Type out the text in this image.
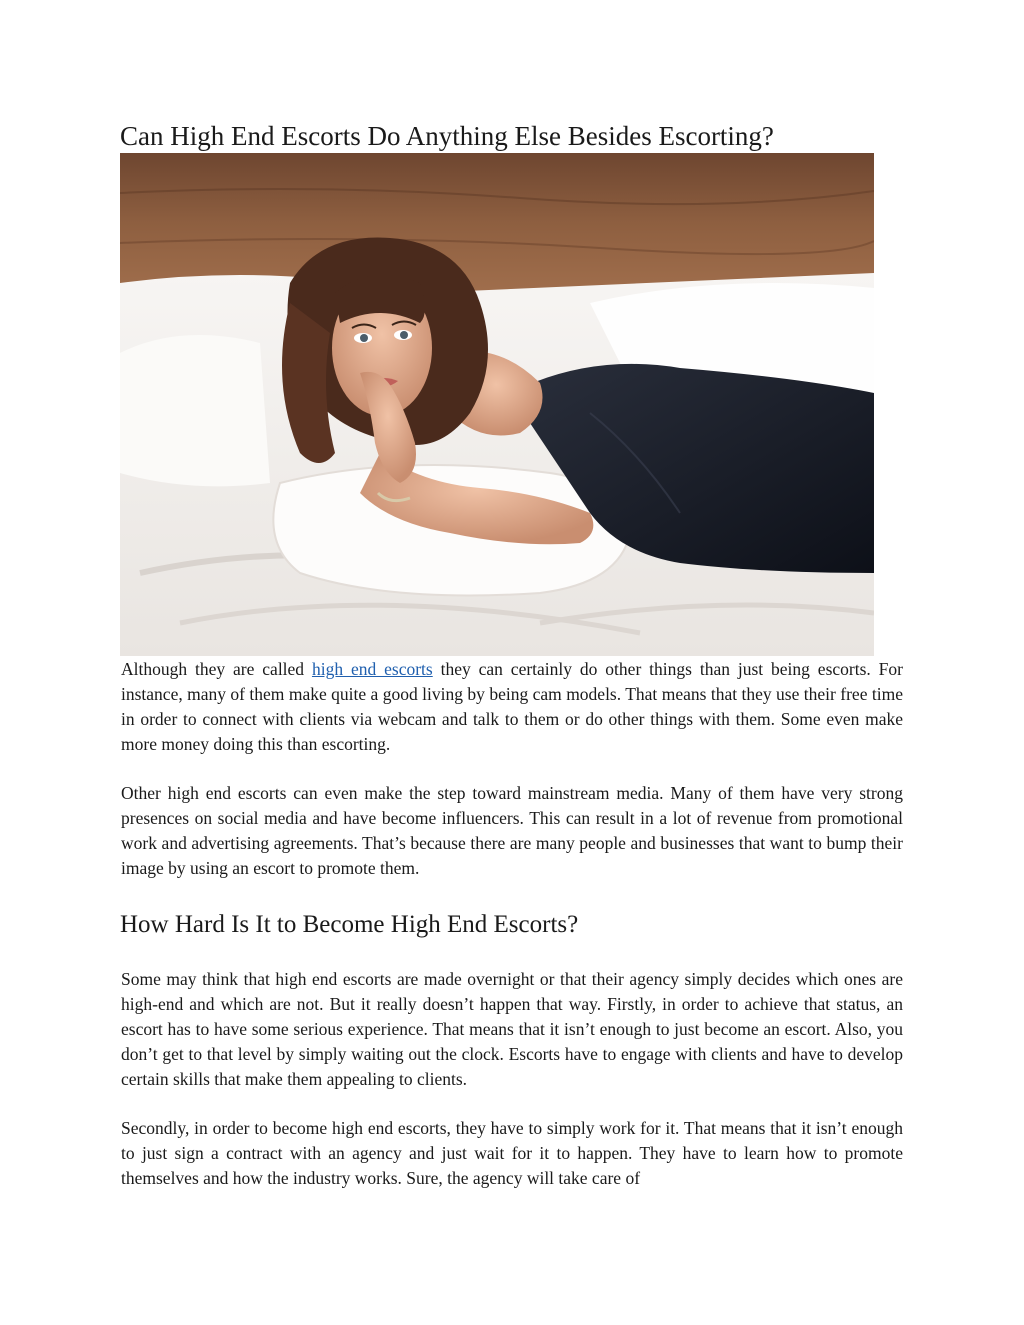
Can High End Escorts Do Anything Else Besides Escorting?

Although they are called high end escorts they can certainly do other things than just being escorts. For instance, many of them make quite a good living by being cam models. That means that they use their free time in order to connect with clients via webcam and talk to them or do other things with them. Some even make more money doing this than escorting.

Other high end escorts can even make the step toward mainstream media. Many of them have very strong presences on social media and have become influencers. This can result in a lot of revenue from promotional work and advertising agreements. That’s because there are many people and businesses that want to bump their image by using an escort to promote them.

How Hard Is It to Become High End Escorts?

Some may think that high end escorts are made overnight or that their agency simply decides which ones are high-end and which are not. But it really doesn’t happen that way. Firstly, in order to achieve that status, an escort has to have some serious experience. That means that it isn’t enough to just become an escort. Also, you don’t get to that level by simply waiting out the clock. Escorts have to engage with clients and have to develop certain skills that make them appealing to clients.

Secondly, in order to become high end escorts, they have to simply work for it. That means that it isn’t enough to just sign a contract with an agency and just wait for it to happen. They have to learn how to promote themselves and how the industry works. Sure, the agency will take care of
